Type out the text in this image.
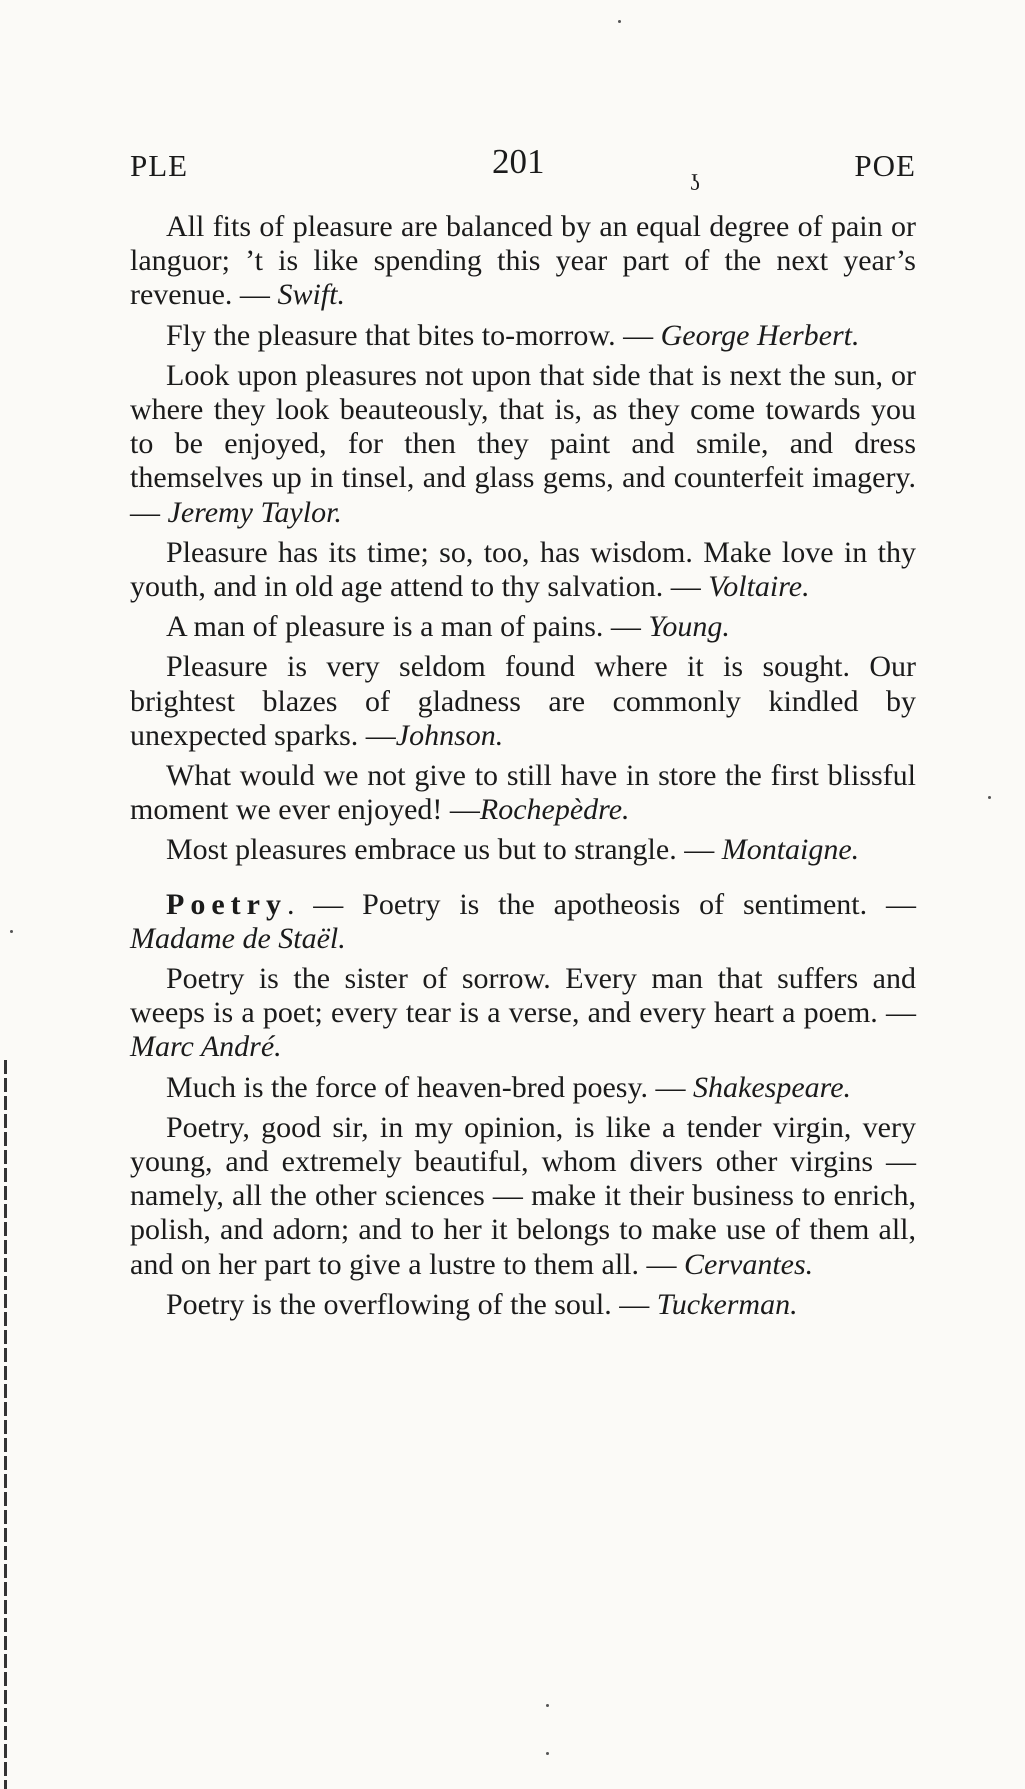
PLE	201
ʖ	POE

All fits of pleasure are balanced by an equal degree of pain or languor; ’t is like spending this year part of the next year’s revenue. — Swift.

Fly the pleasure that bites to-morrow. — George Herbert.

Look upon pleasures not upon that side that is next the sun, or where they look beauteously, that is, as they come towards you to be enjoyed, for then they paint and smile, and dress themselves up in tinsel, and glass gems, and counterfeit imagery. — Jeremy Taylor.

Pleasure has its time; so, too, has wisdom. Make love in thy youth, and in old age attend to thy salvation. — Voltaire.

A man of pleasure is a man of pains. — Young.

Pleasure is very seldom found where it is sought. Our brightest blazes of gladness are commonly kindled by unexpected sparks. —Johnson.

What would we not give to still have in store the first blissful moment we ever enjoyed! —Rochepèdre.

Most pleasures embrace us but to strangle. — Montaigne.

Poetry. — Poetry is the apotheosis of sentiment. — Madame de Staël.

Poetry is the sister of sorrow. Every man that suffers and weeps is a poet; every tear is a verse, and every heart a poem. — Marc André.

Much is the force of heaven-bred poesy. — Shakespeare.

Poetry, good sir, in my opinion, is like a tender virgin, very young, and extremely beautiful, whom divers other virgins — namely, all the other sciences — make it their business to enrich, polish, and adorn; and to her it belongs to make use of them all, and on her part to give a lustre to them all. — Cervantes.

Poetry is the overflowing of the soul. — Tuckerman.
